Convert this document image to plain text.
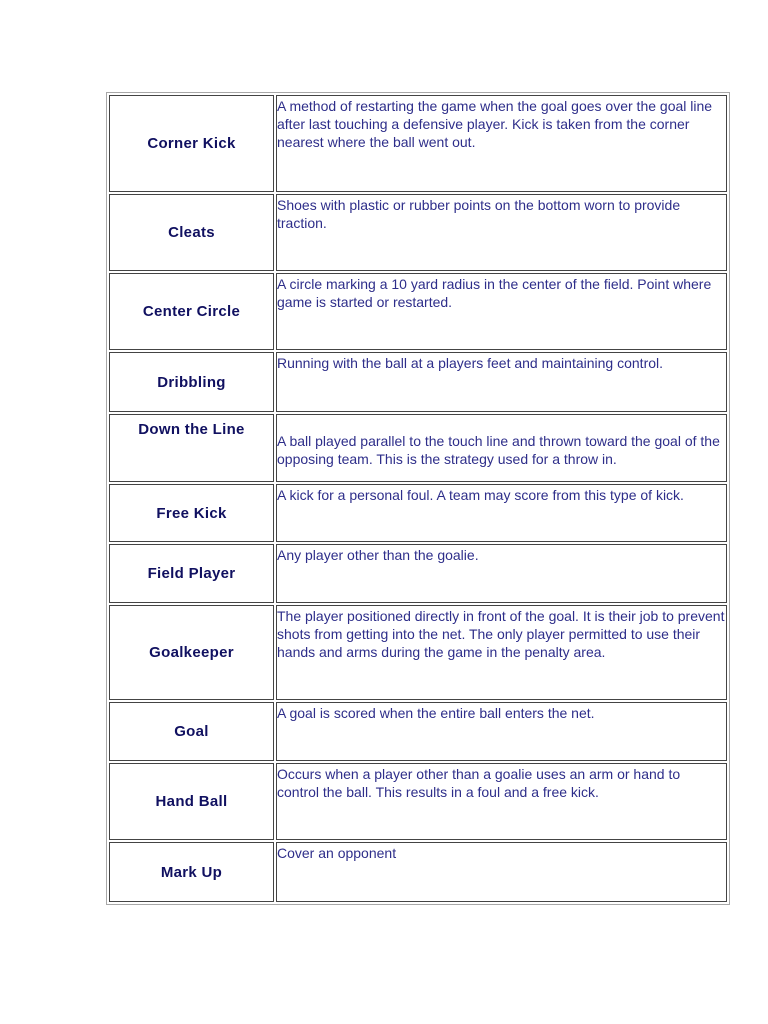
Corner Kick	A method of restarting the game when the goal goes over the goal line after last touching a defensive player. Kick is taken from the corner nearest where the ball went out.
Cleats	Shoes with plastic or rubber points on the bottom worn to provide traction.
Center Circle	A circle marking a 10 yard radius in the center of the field. Point where game is started or restarted.
Dribbling	Running with the ball at a players feet and maintaining control.
Down the Line	A ball played parallel to the touch line and thrown toward the goal of the opposing team. This is the strategy used for a throw in.
Free Kick	A kick for a personal foul. A team may score from this type of kick.
Field Player	Any player other than the goalie.
Goalkeeper	The player positioned directly in front of the goal. It is their job to prevent shots from getting into the net. The only player permitted to use their hands and arms during the game in the penalty area.
Goal	A goal is scored when the entire ball enters the net.
Hand Ball	Occurs when a player other than a goalie uses an arm or hand to control the ball. This results in a foul and a free kick.
Mark Up	Cover an opponent
